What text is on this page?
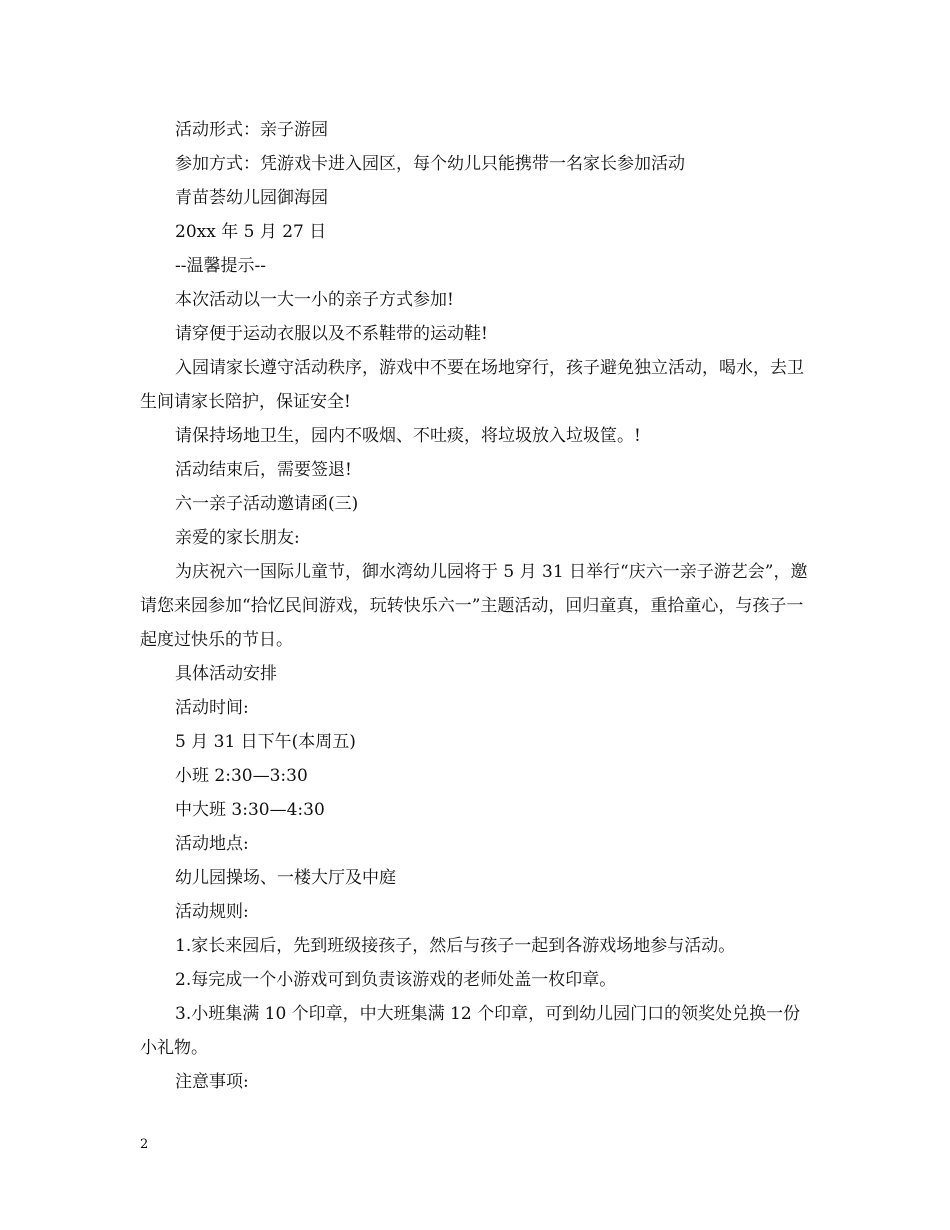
活动形式：亲子游园

参加方式：凭游戏卡进入园区，每个幼儿只能携带一名家长参加活动

青苗荟幼儿园御海园

20xx 年 5 月 27 日

--温馨提示--

本次活动以一大一小的亲子方式参加!

请穿便于运动衣服以及不系鞋带的运动鞋!

入园请家长遵守活动秩序，游戏中不要在场地穿行，孩子避免独立活动，喝水，去卫生间请家长陪护，保证安全!

请保持场地卫生，园内不吸烟、不吐痰，将垃圾放入垃圾筐。!

活动结束后，需要签退!

六一亲子活动邀请函(三)

亲爱的家长朋友:

为庆祝六一国际儿童节，御水湾幼儿园将于 5 月 31 日举行“庆六一亲子游艺会”，邀请您来园参加“拾忆民间游戏，玩转快乐六一”主题活动，回归童真，重拾童心，与孩子一起度过快乐的节日。

具体活动安排

活动时间:

5 月 31 日下午(本周五)

小班 2:30—3:30

中大班 3:30—4:30

活动地点:

幼儿园操场、一楼大厅及中庭

活动规则:

1.家长来园后，先到班级接孩子，然后与孩子一起到各游戏场地参与活动。

2.每完成一个小游戏可到负责该游戏的老师处盖一枚印章。

3.小班集满 10 个印章，中大班集满 12 个印章，可到幼儿园门口的领奖处兑换一份小礼物。

注意事项:

2
